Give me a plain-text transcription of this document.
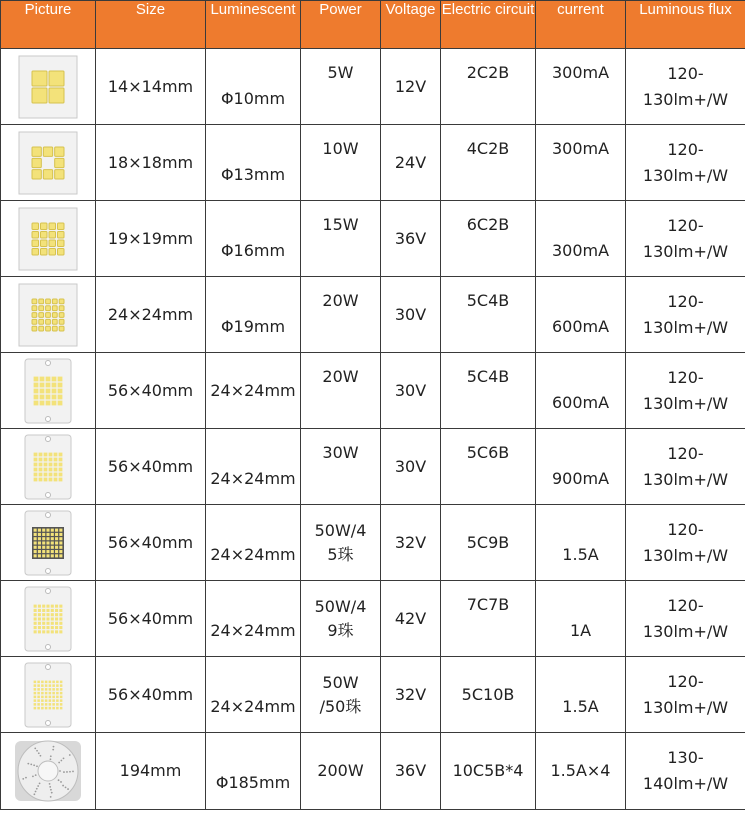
Picture	Size	Luminescent	Power	Voltage	Electric circuit	current	Luminous flux

	14×14mm	Φ10mm	5W	12V	2C2B	300mA	120-
130lm+/W

	18×18mm	Φ13mm	10W	24V	4C2B	300mA	120-
130lm+/W

	19×19mm	Φ16mm	15W	36V	6C2B	300mA	120-
130lm+/W

	24×24mm	Φ19mm	20W	30V	5C4B	600mA	120-
130lm+/W

	56×40mm	24×24mm	20W	30V	5C4B	600mA	120-
130lm+/W

	56×40mm	24×24mm	30W	30V	5C6B	900mA	120-
130lm+/W

	56×40mm	24×24mm	50W/4
5珠	32V	5C9B	1.5A	120-
130lm+/W

	56×40mm	24×24mm	50W/4
9珠	42V	7C7B	1A	120-
130lm+/W

	56×40mm	24×24mm	50W
/50珠	32V	5C10B	1.5A	120-
130lm+/W

	194mm	Φ185mm	200W	36V	10C5B*4	1.5A×4	130-
140lm+/W
